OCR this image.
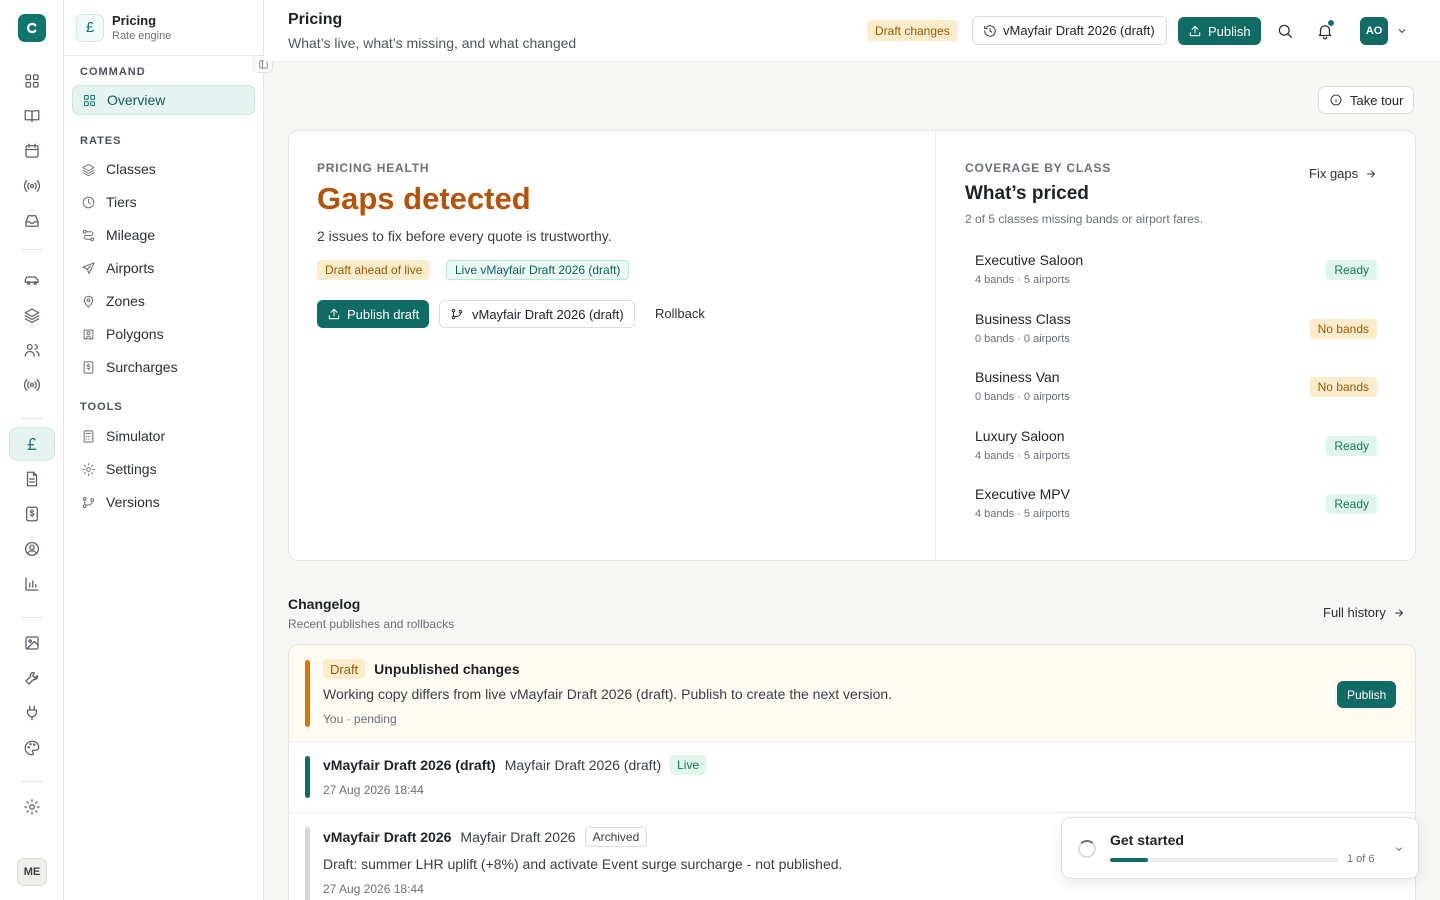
ME
£	Pricing
Rate engine
COMMAND
Overview
RATES
Classes
Tiers
Mileage
Airports
Zones
Polygons
Surcharges
TOOLS
Simulator
Settings
Versions
Pricing
What’s live, what’s missing, and what changed
Draft changes	vMayfair Draft 2026 (draft)	Publish	AO
Take tour
PRICING HEALTH
Gaps detected
2 issues to fix before every quote is trustworthy.
Draft ahead of live	Live vMayfair Draft 2026 (draft)
Publish draft	vMayfair Draft 2026 (draft) Rollback
COVERAGE BY CLASS
What’s priced
2 of 5 classes missing bands or airport fares.
Fix gaps
Executive Saloon
4 bands · 5 airports
Ready
Business Class
0 bands · 0 airports
No bands
Business Van
0 bands · 0 airports
No bands
Luxury Saloon
4 bands · 5 airports
Ready
Executive MPV
4 bands · 5 airports
Ready
Changelog
Recent publishes and rollbacks
Full history
Draft	Unpublished changes
Working copy differs from live vMayfair Draft 2026 (draft). Publish to create the next version.
You · pending
Publish
vMayfair Draft 2026 (draft) Mayfair Draft 2026 (draft)	Live
27 Aug 2026 18:44
vMayfair Draft 2026 Mayfair Draft 2026	Archived
Draft: summer LHR uplift (+8%) and activate Event surge surcharge - not published.
27 Aug 2026 18:44
Get started
1 of 6
